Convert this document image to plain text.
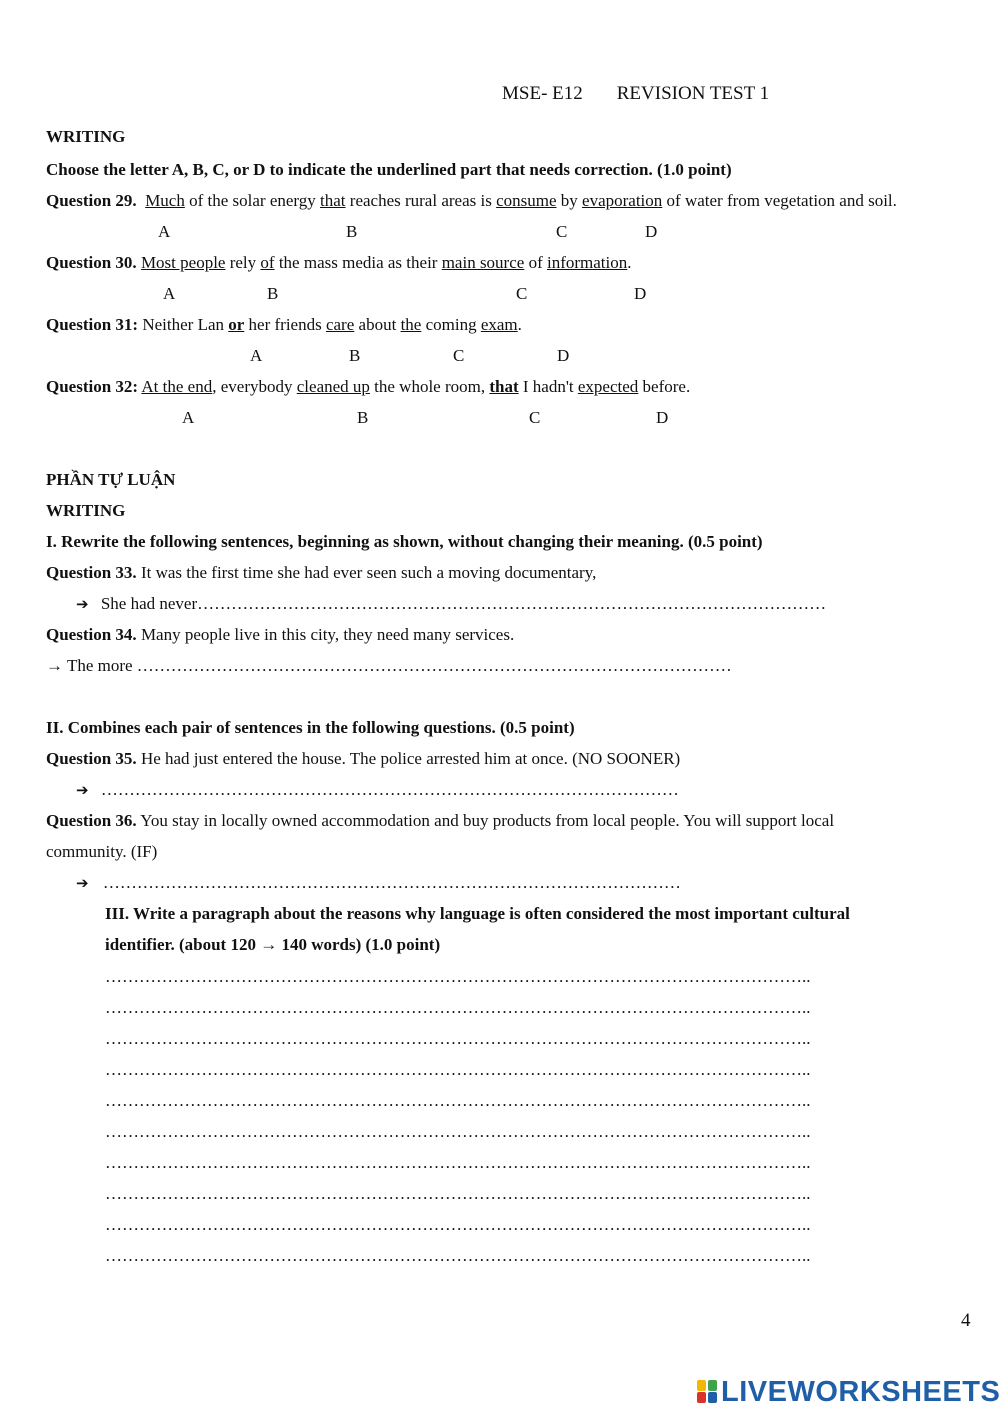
MSE- E12 REVISION TEST 1
WRITING
Choose the letter A, B, C, or D to indicate the underlined part that needs correction. (1.0 point)
Question 29. Much of the solar energy that reaches rural areas is consume by evaporation of water from vegetation and soil.
A	B	C	D
Question 30. Most people rely of the mass media as their main source of information.
A	B	C	D
Question 31: Neither Lan or her friends care about the coming exam.
A	B	C	D
Question 32: At the end, everybody cleaned up the whole room, that I hadn't expected before.
A	B	C	D
PHẦN TỰ LUẬN
WRITING
I. Rewrite the following sentences, beginning as shown, without changing their meaning. (0.5 point)
Question 33. It was the first time she had ever seen such a moving documentary,
➔ She had never…………………………………………………………………………………………………
Question 34. Many people live in this city, they need many services.
→ The more ……………………………………………………………………………………………
II. Combines each pair of sentences in the following questions. (0.5 point)
Question 35. He had just entered the house. The police arrested him at once. (NO SOONER)
➔ …………………………………………………………………………………………
Question 36. You stay in locally owned accommodation and buy products from local people. You will support local
community. (IF)
➔ …………………………………………………………………………………………
III. Write a paragraph about the reasons why language is often considered the most important cultural
identifier. (about 120 → 140 words) (1.0 point)
……………………………………………………………………………………………………………..
……………………………………………………………………………………………………………..
……………………………………………………………………………………………………………..
……………………………………………………………………………………………………………..
……………………………………………………………………………………………………………..
……………………………………………………………………………………………………………..
……………………………………………………………………………………………………………..
……………………………………………………………………………………………………………..
……………………………………………………………………………………………………………..
……………………………………………………………………………………………………………..
4
LIVEWORKSHEETS
